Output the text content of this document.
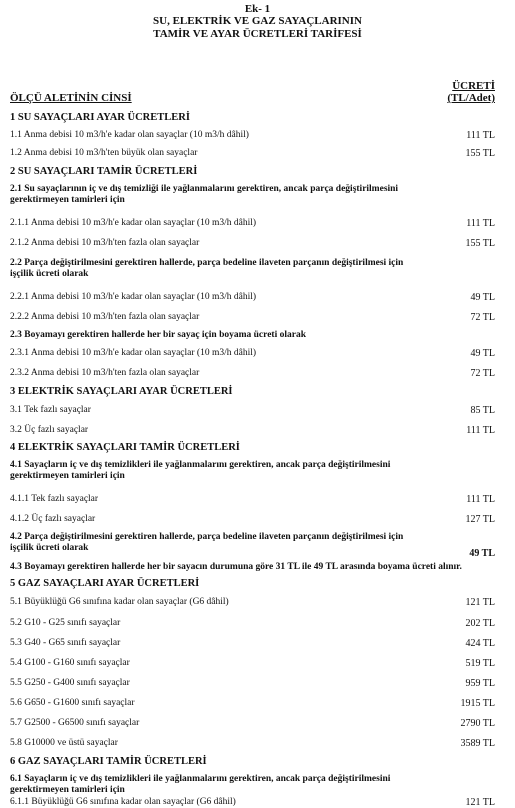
Ek- 1
SU, ELEKTRİK VE GAZ SAYAÇLARININ
TAMİR VE AYAR ÜCRETLERİ TARİFESİ
ÖLÇÜ ALETİNİN CİNSİ
ÜCRETİ
(TL/Adet)
1 SU SAYAÇLARI AYAR ÜCRETLERİ
1.1 Anma debisi 10 m3/h'e kadar olan sayaçlar (10 m3/h dâhil)	111 TL
1.2 Anma debisi 10 m3/h'ten büyük olan sayaçlar	155 TL
2 SU SAYAÇLARI TAMİR ÜCRETLERİ
2.1 Su sayaçlarının iç ve dış temizliği ile yağlanmalarını gerektiren, ancak parça değiştirilmesini gerektirmeyen tamirleri için
2.1.1 Anma debisi 10 m3/h'e kadar olan sayaçlar (10 m3/h dâhil)	111 TL
2.1.2 Anma debisi 10 m3/h'ten fazla olan sayaçlar	155 TL
2.2 Parça değiştirilmesini gerektiren hallerde, parça bedeline ilaveten parçanın değiştirilmesi için işçilik ücreti olarak
2.2.1 Anma debisi 10 m3/h'e kadar olan sayaçlar (10 m3/h dâhil)	49 TL
2.2.2 Anma debisi 10 m3/h'ten fazla olan sayaçlar	72 TL
2.3 Boyamayı gerektiren hallerde her bir sayaç için boyama ücreti olarak
2.3.1 Anma debisi 10 m3/h'e kadar olan sayaçlar (10 m3/h dâhil)	49 TL
2.3.2 Anma debisi 10 m3/h'ten fazla olan sayaçlar	72 TL
3 ELEKTRİK SAYAÇLARI AYAR ÜCRETLERİ
3.1 Tek fazlı sayaçlar	85 TL
3.2 Üç fazlı sayaçlar	111 TL
4 ELEKTRİK SAYAÇLARI TAMİR ÜCRETLERİ
4.1 Sayaçların iç ve dış temizlikleri ile yağlanmalarını gerektiren, ancak parça değiştirilmesini gerektirmeyen tamirleri için
4.1.1 Tek fazlı sayaçlar	111 TL
4.1.2 Üç fazlı sayaçlar	127 TL
4.2 Parça değiştirilmesini gerektiren hallerde, parça bedeline ilaveten parçanın değiştirilmesi için işçilik ücreti olarak	49 TL
4.3 Boyamayı gerektiren hallerde her bir sayacın durumuna göre 31 TL ile 49 TL arasında boyama ücreti alınır.
5 GAZ SAYAÇLARI AYAR ÜCRETLERİ
5.1 Büyüklüğü G6 sınıfına kadar olan sayaçlar (G6 dâhil)	121 TL
5.2 G10 - G25 sınıfı sayaçlar	202 TL
5.3 G40 - G65 sınıfı sayaçlar	424 TL
5.4 G100 - G160 sınıfı sayaçlar	519 TL
5.5 G250 - G400 sınıfı sayaçlar	959 TL
5.6 G650 - G1600 sınıfı sayaçlar	1915 TL
5.7 G2500 - G6500 sınıfı sayaçlar	2790 TL
5.8 G10000 ve üstü sayaçlar	3589 TL
6 GAZ SAYAÇLARI TAMİR ÜCRETLERİ
6.1 Sayaçların iç ve dış temizlikleri ile yağlanmalarını gerektiren, ancak parça değiştirilmesini gerektirmeyen tamirleri için
6.1.1 Büyüklüğü G6 sınıfına kadar olan sayaçlar (G6 dâhil)	121 TL
